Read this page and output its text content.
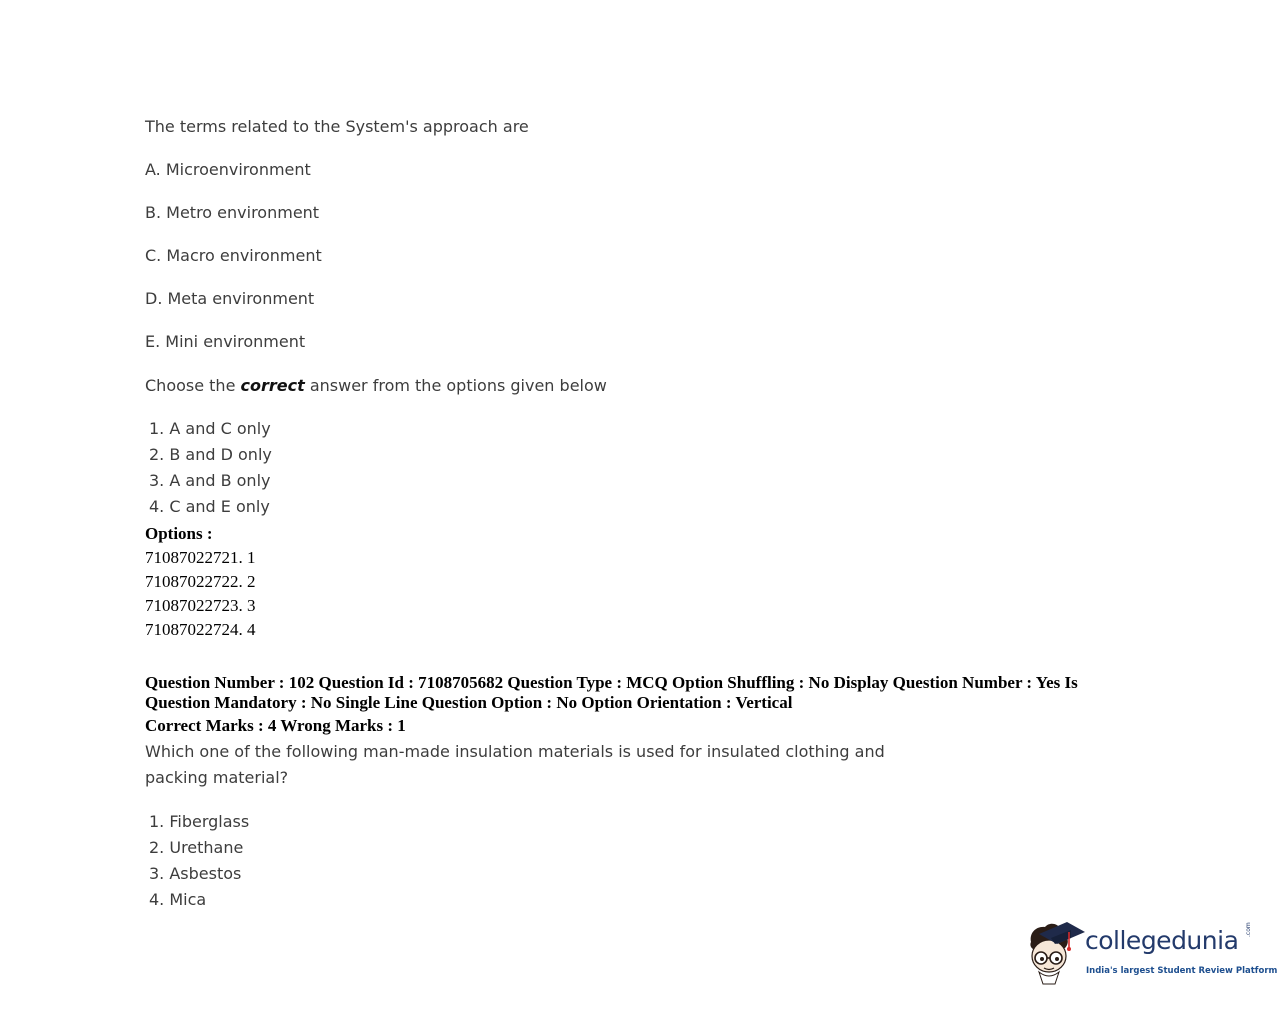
The terms related to the System's approach are
A. Microenvironment
B. Metro environment
C. Macro environment
D. Meta environment
E. Mini environment
Choose the correct answer from the options given below
1. A and C only
2. B and D only
3. A and B only
4. C and E only
Options :
71087022721. 1
71087022722. 2
71087022723. 3
71087022724. 4
Question Number : 102 Question Id : 7108705682 Question Type : MCQ Option Shuffling : No Display Question Number : Yes Is
Question Mandatory : No Single Line Question Option : No Option Orientation : Vertical
Correct Marks : 4 Wrong Marks : 1
Which one of the following man-made insulation materials is used for insulated clothing and
packing material?
1. Fiberglass
2. Urethane
3. Asbestos
4. Mica
collegedunia .com
India's largest Student Review Platform
